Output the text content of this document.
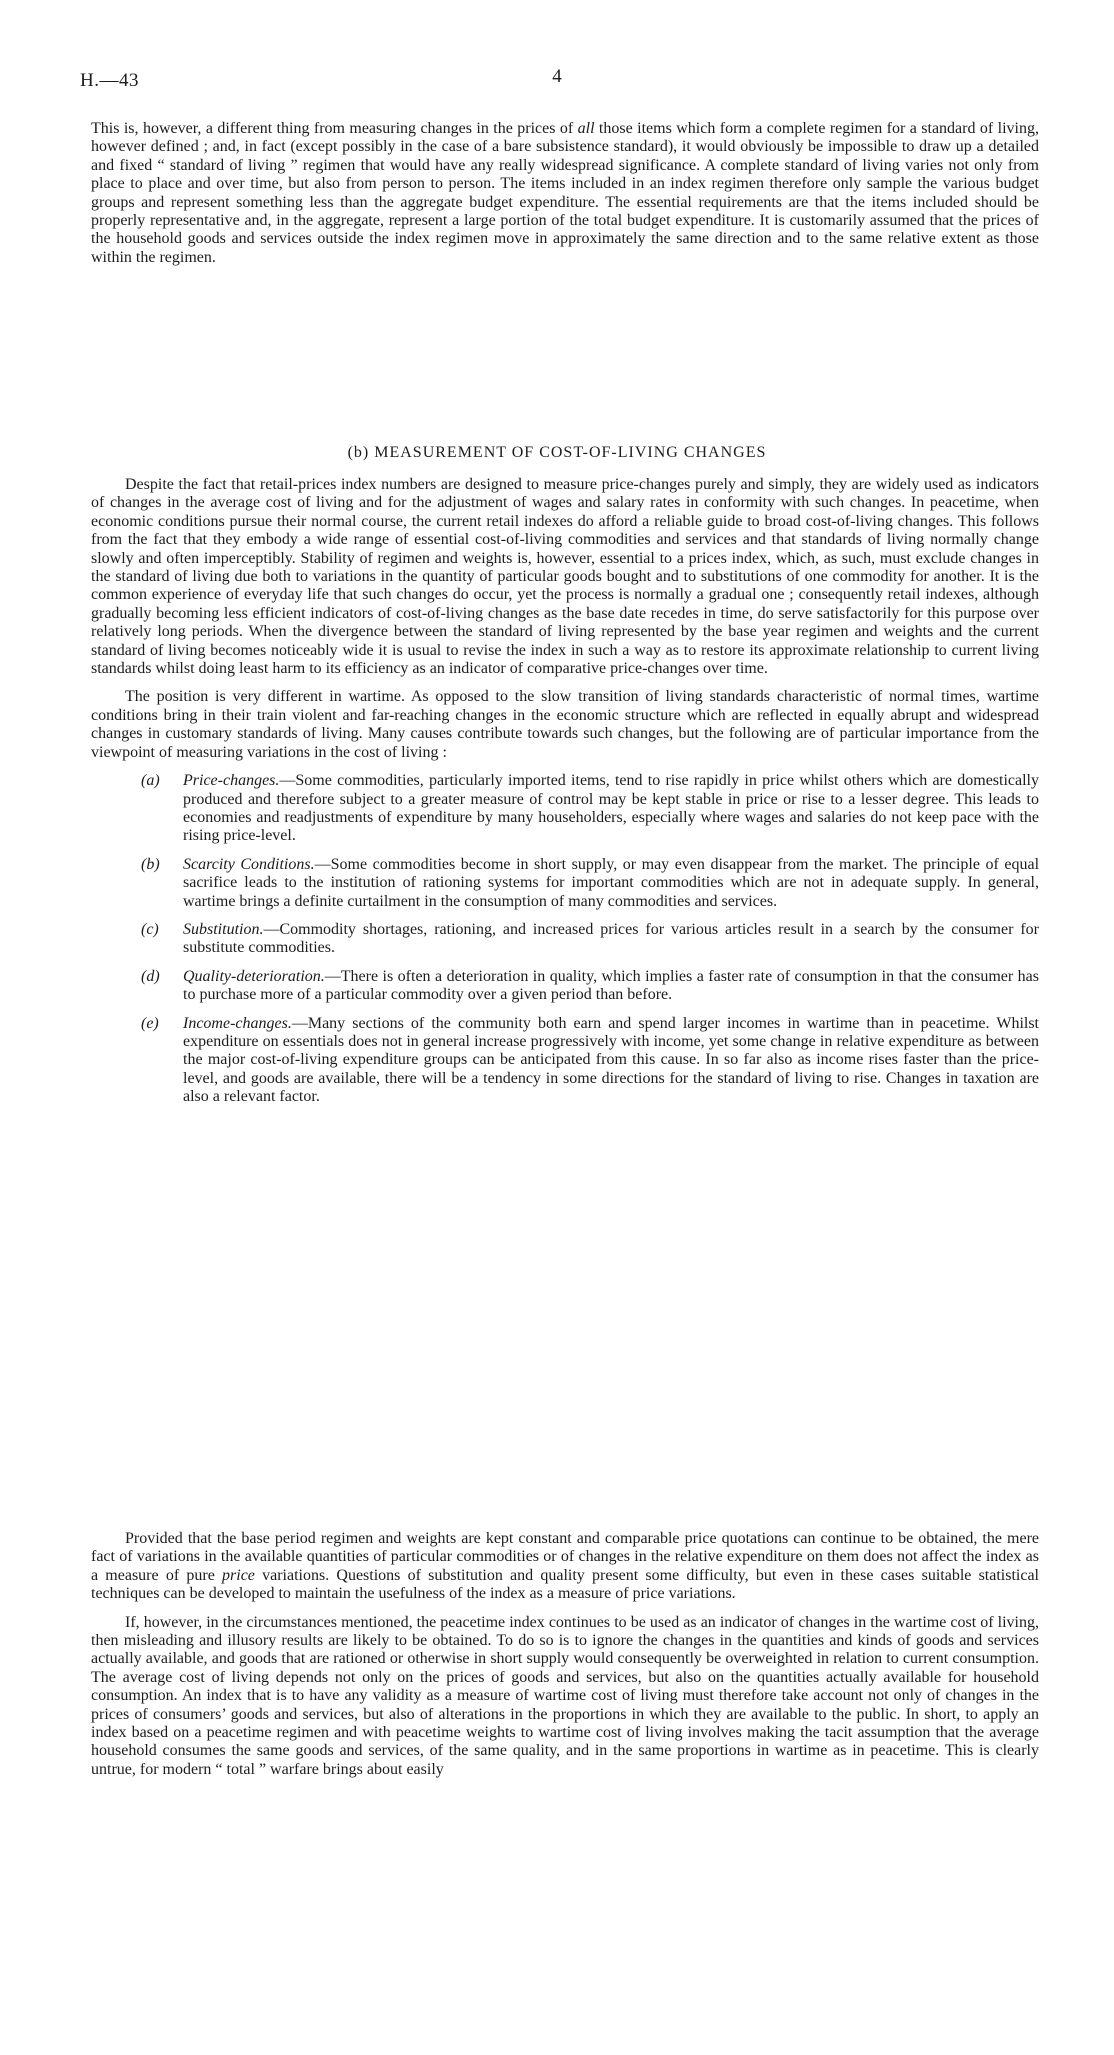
H.—43	4

This is, however, a different thing from measuring changes in the prices of all those items which form a complete regimen for a standard of living, however defined ; and, in fact (except possibly in the case of a bare subsistence standard), it would obviously be impossible to draw up a detailed and fixed “ standard of living ” regimen that would have any really widespread significance. A complete standard of living varies not only from place to place and over time, but also from person to person. The items included in an index regimen therefore only sample the various budget groups and represent something less than the aggregate budget expenditure. The essential requirements are that the items included should be properly representative and, in the aggregate, represent a large portion of the total budget expenditure. It is customarily assumed that the prices of the household goods and services outside the index regimen move in approximately the same direction and to the same relative extent as those within the regimen.

(b) MEASUREMENT OF COST-OF-LIVING CHANGES

Despite the fact that retail-prices index numbers are designed to measure price-changes purely and simply, they are widely used as indicators of changes in the average cost of living and for the adjustment of wages and salary rates in conformity with such changes. In peacetime, when economic conditions pursue their normal course, the current retail indexes do afford a reliable guide to broad cost-of-living changes. This follows from the fact that they embody a wide range of essential cost-of-living commodities and services and that standards of living normally change slowly and often imperceptibly. Stability of regimen and weights is, however, essential to a prices index, which, as such, must exclude changes in the standard of living due both to variations in the quantity of particular goods bought and to substitutions of one commodity for another. It is the common experience of everyday life that such changes do occur, yet the process is normally a gradual one ; consequently retail indexes, although gradually becoming less efficient indicators of cost-of-living changes as the base date recedes in time, do serve satisfactorily for this purpose over relatively long periods. When the divergence between the standard of living represented by the base year regimen and weights and the current standard of living becomes noticeably wide it is usual to revise the index in such a way as to restore its approximate relationship to current living standards whilst doing least harm to its efficiency as an indicator of comparative price-changes over time.

The position is very different in wartime. As opposed to the slow transition of living standards characteristic of normal times, wartime conditions bring in their train violent and far-reaching changes in the economic structure which are reflected in equally abrupt and widespread changes in customary standards of living. Many causes contribute towards such changes, but the following are of particular importance from the viewpoint of measuring variations in the cost of living :

(a) Price-changes.—Some commodities, particularly imported items, tend to rise rapidly in price whilst others which are domestically produced and therefore subject to a greater measure of control may be kept stable in price or rise to a lesser degree. This leads to economies and readjustments of expenditure by many householders, especially where wages and salaries do not keep pace with the rising price-level.
(b) Scarcity Conditions.—Some commodities become in short supply, or may even disappear from the market. The principle of equal sacrifice leads to the institution of rationing systems for important commodities which are not in adequate supply. In general, wartime brings a definite curtailment in the consumption of many commodities and services.
(c) Substitution.—Commodity shortages, rationing, and increased prices for various articles result in a search by the consumer for substitute commodities.
(d) Quality-deterioration.—There is often a deterioration in quality, which implies a faster rate of consumption in that the consumer has to purchase more of a particular commodity over a given period than before.
(e) Income-changes.—Many sections of the community both earn and spend larger incomes in wartime than in peacetime. Whilst expenditure on essentials does not in general increase progressively with income, yet some change in relative expenditure as between the major cost-of-living expenditure groups can be anticipated from this cause. In so far also as income rises faster than the price-level, and goods are available, there will be a tendency in some directions for the standard of living to rise. Changes in taxation are also a relevant factor.

Provided that the base period regimen and weights are kept constant and comparable price quotations can continue to be obtained, the mere fact of variations in the available quantities of particular commodities or of changes in the relative expenditure on them does not affect the index as a measure of pure price variations. Questions of substitution and quality present some difficulty, but even in these cases suitable statistical techniques can be developed to maintain the usefulness of the index as a measure of price variations.

If, however, in the circumstances mentioned, the peacetime index continues to be used as an indicator of changes in the wartime cost of living, then misleading and illusory results are likely to be obtained. To do so is to ignore the changes in the quantities and kinds of goods and services actually available, and goods that are rationed or otherwise in short supply would consequently be overweighted in relation to current consumption. The average cost of living depends not only on the prices of goods and services, but also on the quantities actually available for household consumption. An index that is to have any validity as a measure of wartime cost of living must therefore take account not only of changes in the prices of consumers’ goods and services, but also of alterations in the proportions in which they are available to the public. In short, to apply an index based on a peacetime regimen and with peacetime weights to wartime cost of living involves making the tacit assumption that the average household consumes the same goods and services, of the same quality, and in the same proportions in wartime as in peacetime. This is clearly untrue, for modern “ total ” warfare brings about easily
